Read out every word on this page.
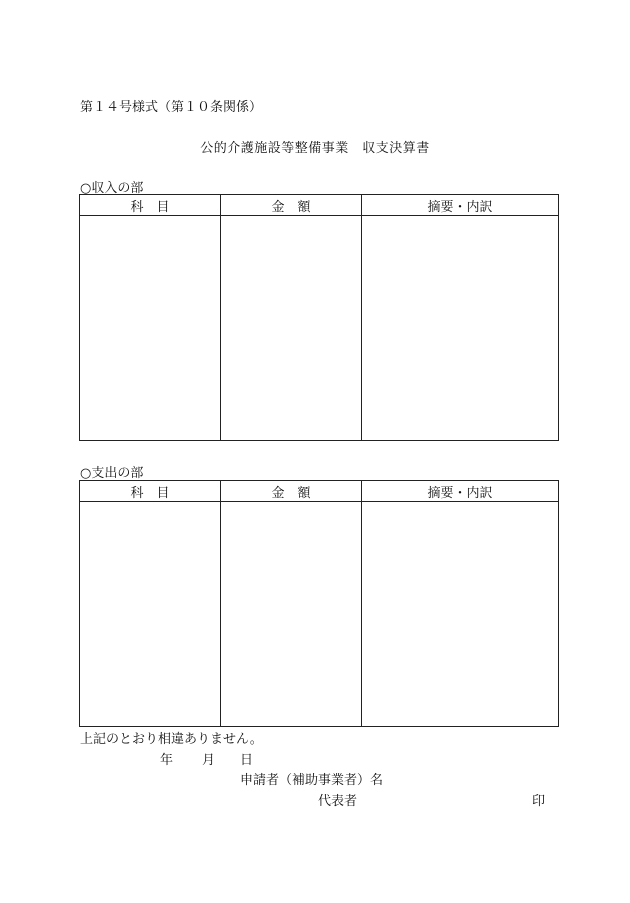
第１４号様式（第１０条関係）
公的介護施設等整備事業　収支決算書
○収入の部
科　目	金　額	摘要・内訳

○支出の部
科　目	金　額	摘要・内訳

上記のとおり相違ありません。
年 月 日
申請者（補助事業者）名
代表者	印
